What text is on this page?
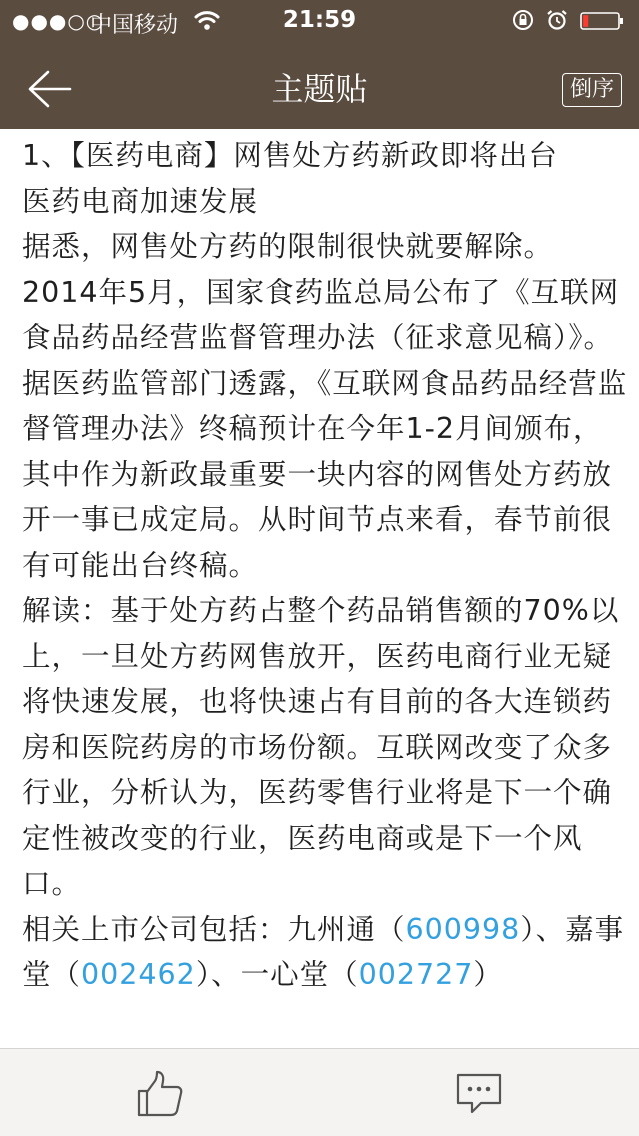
●●●○○
中国移动	21:59
主题贴	倒序

1、【医药电商】网售处方药新政即将出台

医药电商加速发展

据悉，网售处方药的限制很快就要解除。2014年5月，国家食药监总局公布了《互联网食品药品经营监督管理办法（征求意见稿）》。据医药监管部门透露，《互联网食品药品经营监督管理办法》终稿预计在今年1-2月间颁布，其中作为新政最重要一块内容的网售处方药放开一事已成定局。从时间节点来看，春节前很有可能出台终稿。

解读：基于处方药占整个药品销售额的70%以上，一旦处方药网售放开，医药电商行业无疑将快速发展，也将快速占有目前的各大连锁药房和医院药房的市场份额。互联网改变了众多行业，分析认为，医药零售行业将是下一个确定性被改变的行业，医药电商或是下一个风口。

相关上市公司包括：九州通（600998）、嘉事堂（002462）、一心堂（002727）
